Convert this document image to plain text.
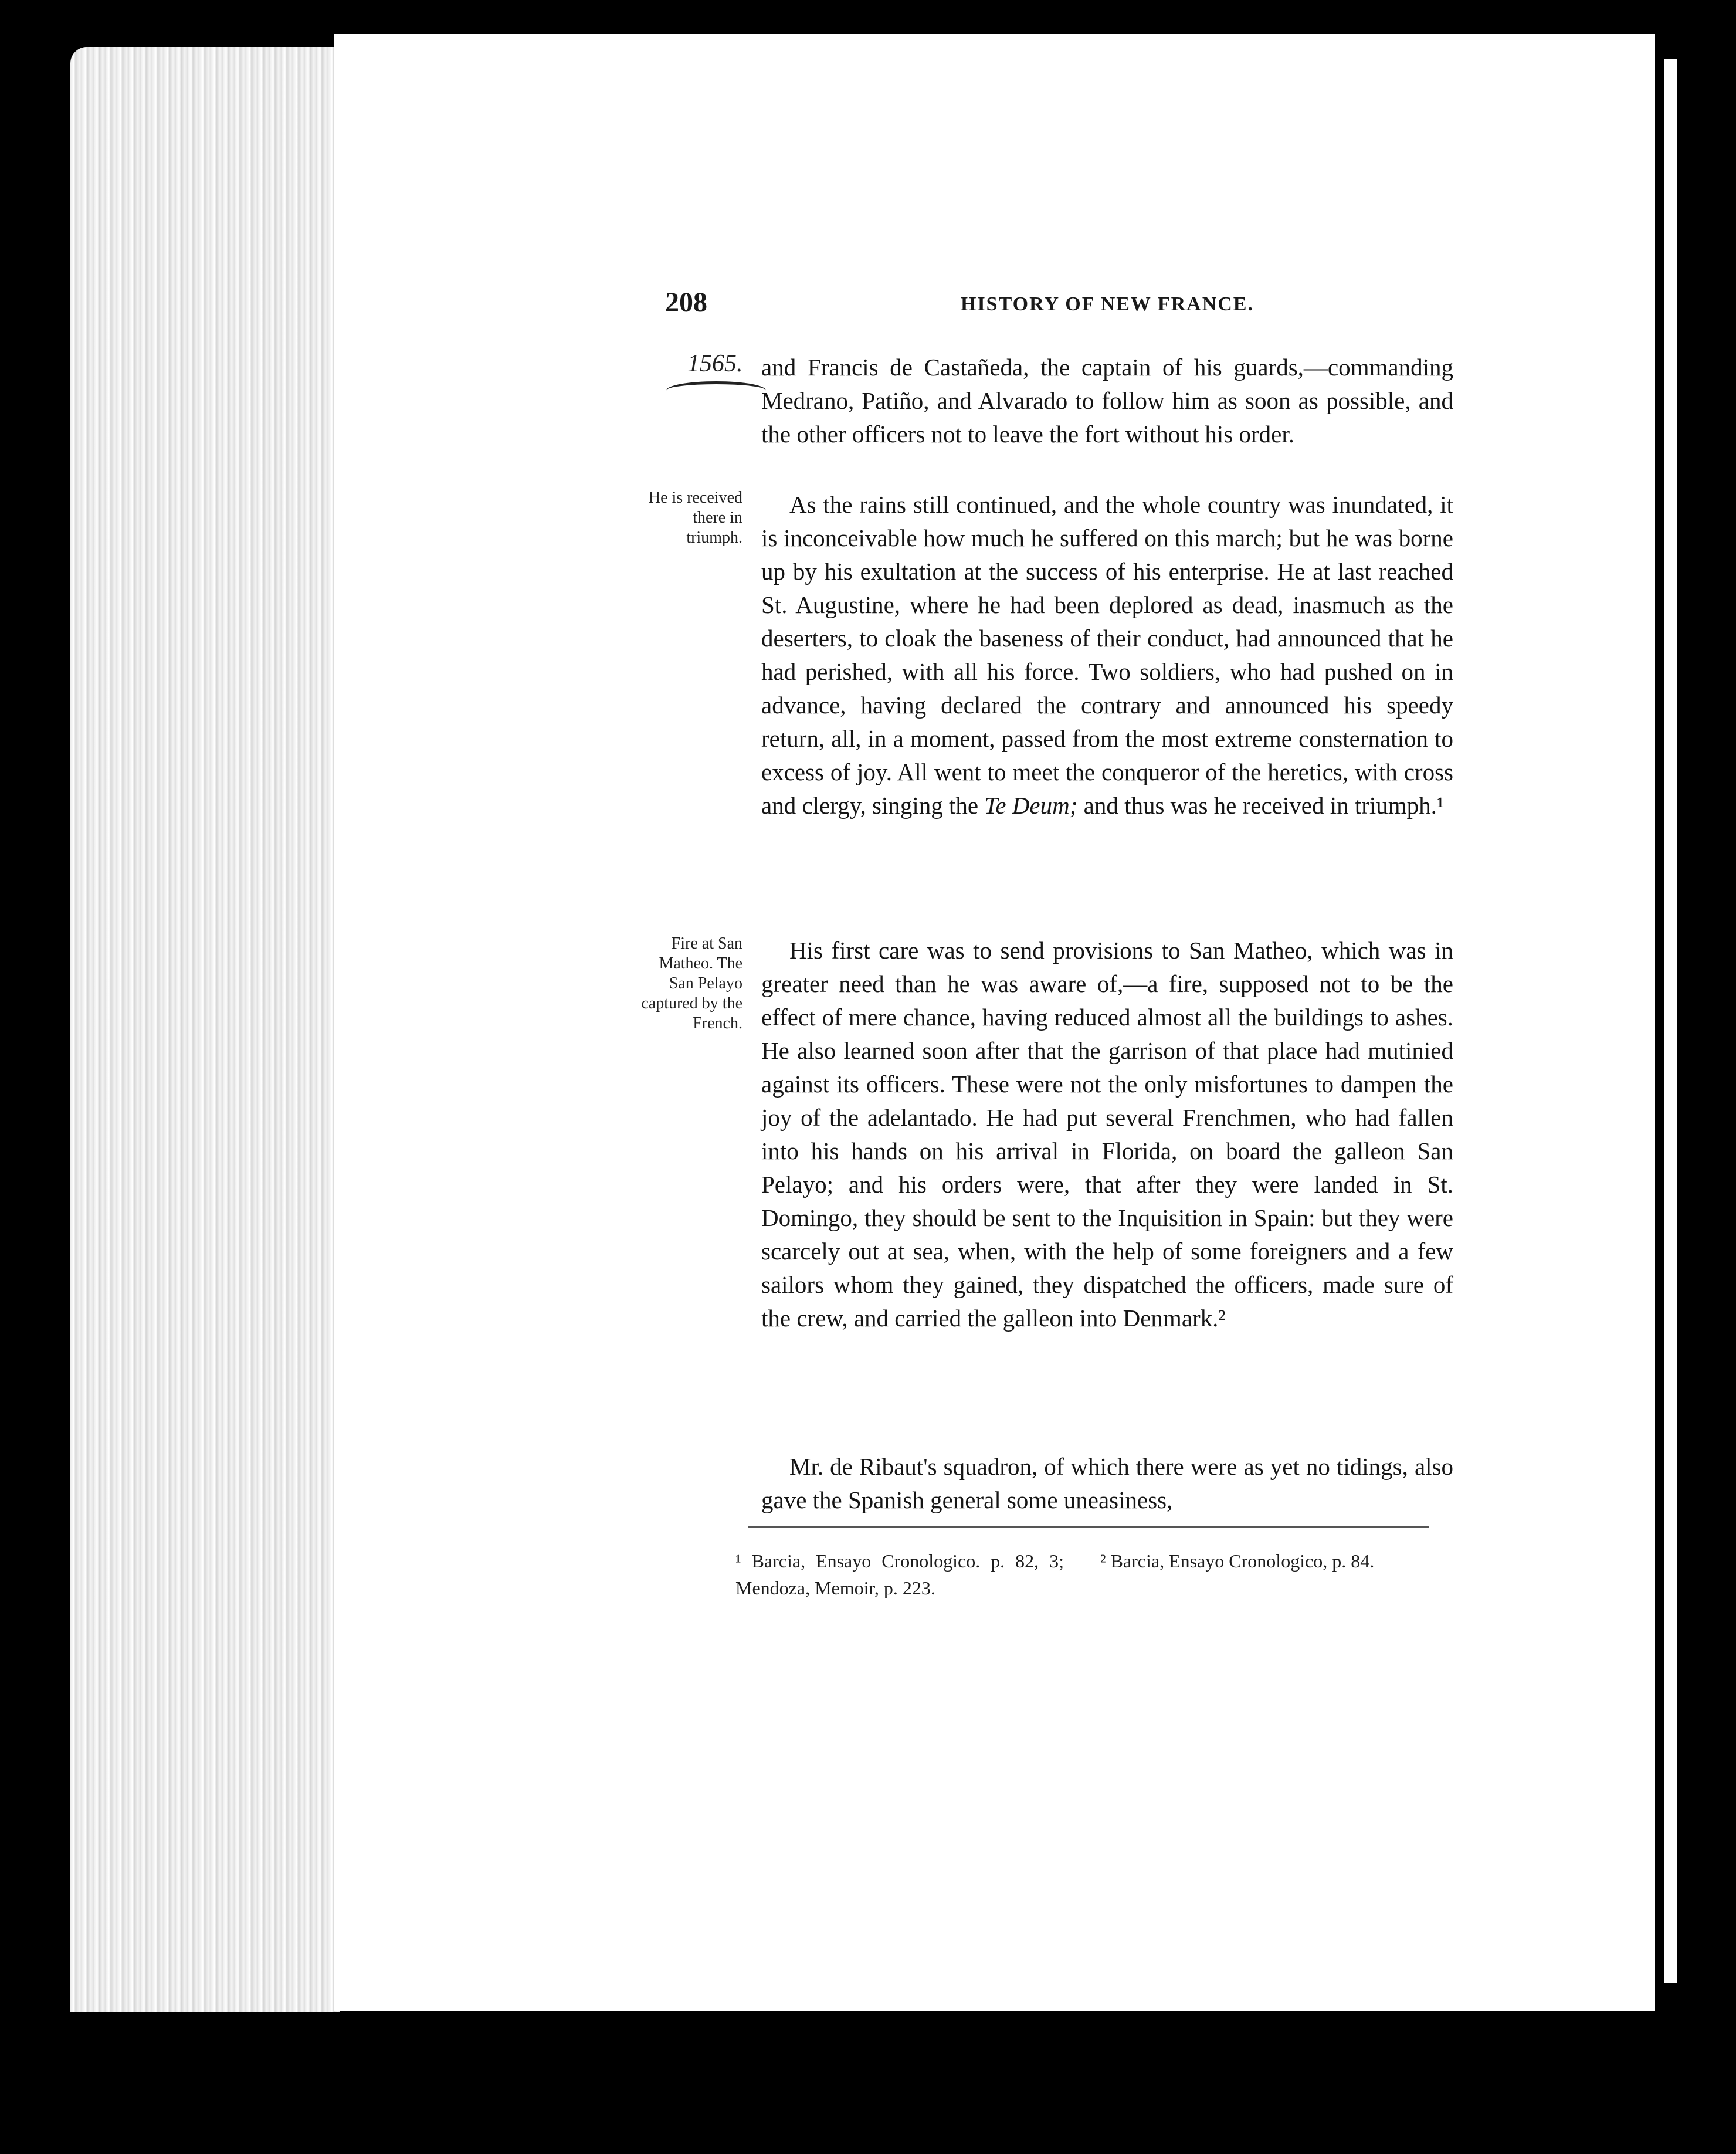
208	HISTORY OF NEW FRANCE.
1565.
He is received there in triumph.
Fire at San Matheo. The San Pelayo captured by the French.

and Francis de Castañeda, the captain of his guards,—commanding Medrano, Patiño, and Alvarado to follow him as soon as possible, and the other officers not to leave the fort without his order.

As the rains still continued, and the whole country was inundated, it is inconceivable how much he suffered on this march; but he was borne up by his exultation at the success of his enterprise. He at last reached St. Augustine, where he had been deplored as dead, inasmuch as the deserters, to cloak the baseness of their conduct, had announced that he had perished, with all his force. Two soldiers, who had pushed on in advance, having declared the contrary and announced his speedy return, all, in a moment, passed from the most extreme consternation to excess of joy. All went to meet the conqueror of the heretics, with cross and clergy, singing the Te Deum; and thus was he received in triumph.¹

His first care was to send provisions to San Matheo, which was in greater need than he was aware of,—a fire, supposed not to be the effect of mere chance, having reduced almost all the buildings to ashes. He also learned soon after that the garrison of that place had mutinied against its officers. These were not the only misfortunes to dampen the joy of the adelantado. He had put several Frenchmen, who had fallen into his hands on his arrival in Florida, on board the galleon San Pelayo; and his orders were, that after they were landed in St. Domingo, they should be sent to the Inquisition in Spain: but they were scarcely out at sea, when, with the help of some foreigners and a few sailors whom they gained, they dispatched the officers, made sure of the crew, and carried the galleon into Denmark.²

Mr. de Ribaut's squadron, of which there were as yet no tidings, also gave the Spanish general some uneasiness,

¹ Barcia, Ensayo Cronologico. p. 82, 3; Mendoza, Memoir, p. 223.
² Barcia, Ensayo Cronologico, p. 84.
